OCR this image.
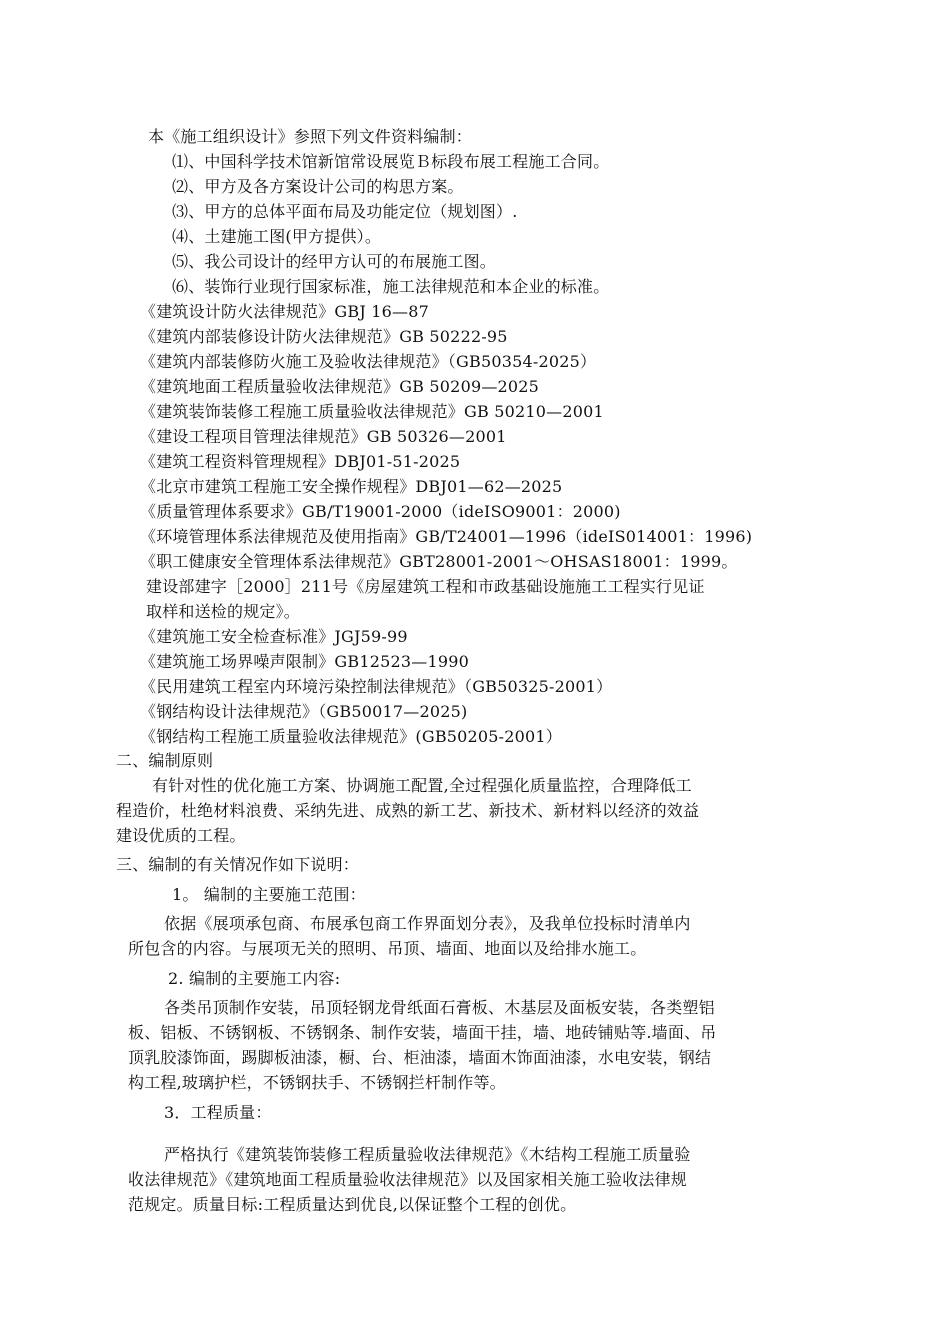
本《施工组织设计》参照下列文件资料编制：
⑴、中国科学技术馆新馆常设展览Ｂ标段布展工程施工合同。
⑵、甲方及各方案设计公司的构思方案。
⑶、甲方的总体平面布局及功能定位（规划图）.
⑷、土建施工图(甲方提供）。
⑸、我公司设计的经甲方认可的布展施工图。
⑹、装饰行业现行国家标准，施工法律规范和本企业的标准。
《建筑设计防火法律规范》GBJ 16—87
《建筑内部装修设计防火法律规范》GB 50222-95
《建筑内部装修防火施工及验收法律规范》（GB50354-2025）
《建筑地面工程质量验收法律规范》GB 50209—2025
《建筑装饰装修工程施工质量验收法律规范》GB 50210—2001
《建设工程项目管理法律规范》GB 50326—2001
《建筑工程资料管理规程》DBJ01-51-2025
《北京市建筑工程施工安全操作规程》DBJ01—62—2025
《质量管理体系要求》GB/T19001-2000（ideISO9001：2000)
《环境管理体系法律规范及使用指南》GB/T24001—1996（ideIS014001：1996)
《职工健康安全管理体系法律规范》GBT28001-2001～OHSAS18001：1999。
建设部建字［2000］211号《房屋建筑工程和市政基础设施施工工程实行见证
取样和送检的规定》。
《建筑施工安全检查标准》JGJ59-99
《建筑施工场界噪声限制》GB12523—1990
《民用建筑工程室内环境污染控制法律规范》（GB50325-2001）
《钢结构设计法律规范》（GB50017—2025)
《钢结构工程施工质量验收法律规范》(GB50205-2001）
二、编制原则
有针对性的优化施工方案、协调施工配置,全过程强化质量监控，合理降低工
程造价，杜绝材料浪费、采纳先进、成熟的新工艺、新技术、新材料以经济的效益
建设优质的工程。
三、编制的有关情况作如下说明：
1。 编制的主要施工范围：
依据《展项承包商、布展承包商工作界面划分表》，及我单位投标时清单内
所包含的内容。与展项无关的照明、吊顶、墙面、地面以及给排水施工。
2. 编制的主要施工内容:
各类吊顶制作安装，吊顶轻钢龙骨纸面石膏板、木基层及面板安装，各类塑铝
板、铝板、不锈钢板、不锈钢条、制作安装，墙面干挂，墙、地砖铺贴等.墙面、吊
顶乳胶漆饰面，踢脚板油漆，橱、台、柜油漆，墙面木饰面油漆，水电安装，钢结
构工程,玻璃护栏，不锈钢扶手、不锈钢拦杆制作等。
3．工程质量：
严格执行《建筑装饰装修工程质量验收法律规范》《木结构工程施工质量验
收法律规范》《建筑地面工程质量验收法律规范》以及国家相关施工验收法律规
范规定。质量目标:工程质量达到优良,以保证整个工程的创优。
